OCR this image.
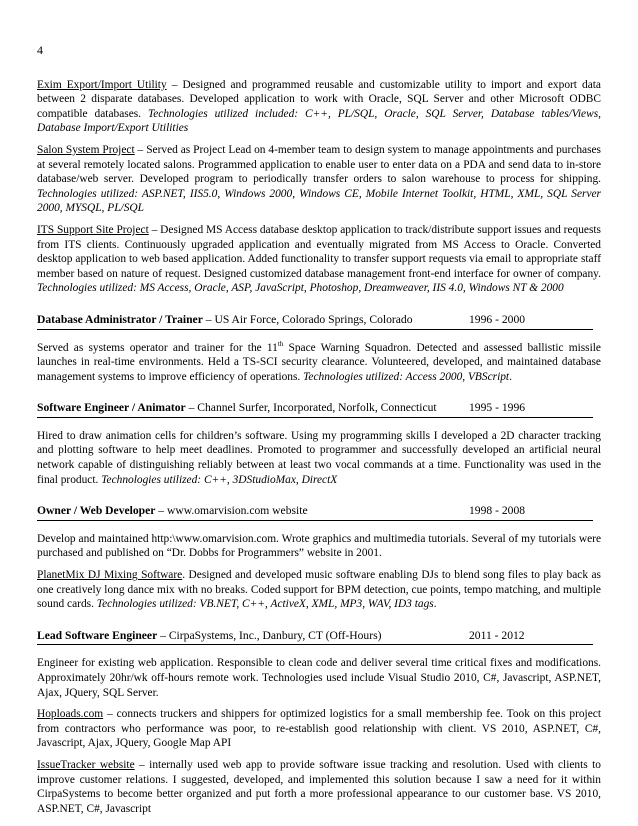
4

Exim Export/Import Utility – Designed and programmed reusable and customizable utility to import and export data between 2 disparate databases. Developed application to work with Oracle, SQL Server and other Microsoft ODBC compatible databases. Technologies utilized included: C++, PL/SQL, Oracle, SQL Server, Database tables/Views, Database Import/Export Utilities

Salon System Project – Served as Project Lead on 4-member team to design system to manage appointments and purchases at several remotely located salons. Programmed application to enable user to enter data on a PDA and send data to in-store database/web server. Developed program to periodically transfer orders to salon warehouse to process for shipping. Technologies utilized: ASP.NET, IIS5.0, Windows 2000, Windows CE, Mobile Internet Toolkit, HTML, XML, SQL Server 2000, MYSQL, PL/SQL

ITS Support Site Project – Designed MS Access database desktop application to track/distribute support issues and requests from ITS clients. Continuously upgraded application and eventually migrated from MS Access to Oracle. Converted desktop application to web based application. Added functionality to transfer support requests via email to appropriate staff member based on nature of request. Designed customized database management front-end interface for owner of company. Technologies utilized: MS Access, Oracle, ASP, JavaScript, Photoshop, Dreamweaver, IIS 4.0, Windows NT & 2000

Database Administrator / Trainer – US Air Force, Colorado Springs, Colorado	1996 - 2000

Served as systems operator and trainer for the 11th Space Warning Squadron. Detected and assessed ballistic missile launches in real-time environments. Held a TS-SCI security clearance. Volunteered, developed, and maintained database management systems to improve efficiency of operations. Technologies utilized: Access 2000, VBScript.

Software Engineer / Animator – Channel Surfer, Incorporated, Norfolk, Connecticut	1995 - 1996

Hired to draw animation cells for children’s software. Using my programming skills I developed a 2D character tracking and plotting software to help meet deadlines. Promoted to programmer and successfully developed an artificial neural network capable of distinguishing reliably between at least two vocal commands at a time. Functionality was used in the final product. Technologies utilized: C++, 3DStudioMax, DirectX

Owner / Web Developer – www.omarvision.com website	1998 - 2008

Develop and maintained http:\www.omarvision.com. Wrote graphics and multimedia tutorials. Several of my tutorials were purchased and published on “Dr. Dobbs for Programmers” website in 2001.

PlanetMix DJ Mixing Software. Designed and developed music software enabling DJs to blend song files to play back as one creatively long dance mix with no breaks. Coded support for BPM detection, cue points, tempo matching, and multiple sound cards. Technologies utilized: VB.NET, C++, ActiveX, XML, MP3, WAV, ID3 tags.

Lead Software Engineer – CirpaSystems, Inc., Danbury, CT (Off-Hours)	2011 - 2012

Engineer for existing web application. Responsible to clean code and deliver several time critical fixes and modifications. Approximately 20hr/wk off-hours remote work. Technologies used include Visual Studio 2010, C#, Javascript, ASP.NET, Ajax, JQuery, SQL Server.

Hoploads.com – connects truckers and shippers for optimized logistics for a small membership fee. Took on this project from contractors who performance was poor, to re-establish good relationship with client. VS 2010, ASP.NET, C#, Javascript, Ajax, JQuery, Google Map API

IssueTracker website – internally used web app to provide software issue tracking and resolution. Used with clients to improve customer relations. I suggested, developed, and implemented this solution because I saw a need for it within CirpaSystems to become better organized and put forth a more professional appearance to our customer base. VS 2010, ASP.NET, C#, Javascript
